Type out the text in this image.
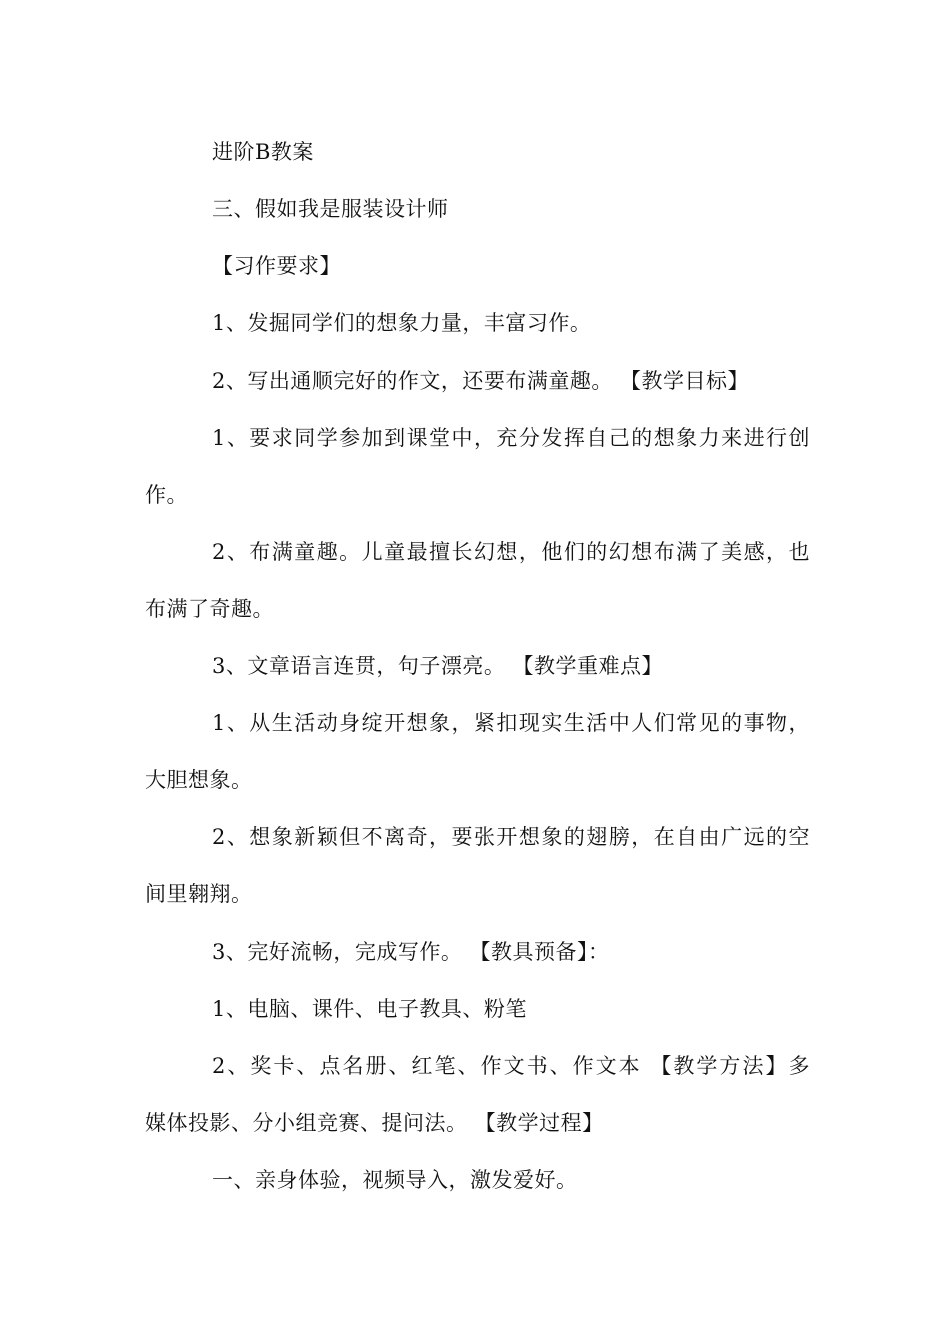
进阶B教案
三、假如我是服装设计师
【习作要求】
1、发掘同学们的想象力量，丰富习作。
2、写出通顺完好的作文，还要布满童趣。 【教学目标】
1、要求同学参加到课堂中，充分发挥自己的想象力来进行创
作。
2、布满童趣。儿童最擅长幻想，他们的幻想布满了美感，也
布满了奇趣。
3、文章语言连贯，句子漂亮。 【教学重难点】
1、从生活动身绽开想象，紧扣现实生活中人们常见的事物，
大胆想象。
2、想象新颖但不离奇，要张开想象的翅膀，在自由广远的空
间里翱翔。
3、完好流畅，完成写作。 【教具预备】：
1、电脑、课件、电子教具、粉笔
2、奖卡、点名册、红笔、作文书、作文本 【教学方法】多
媒体投影、分小组竞赛、提问法。 【教学过程】
一、亲身体验，视频导入，激发爱好。
